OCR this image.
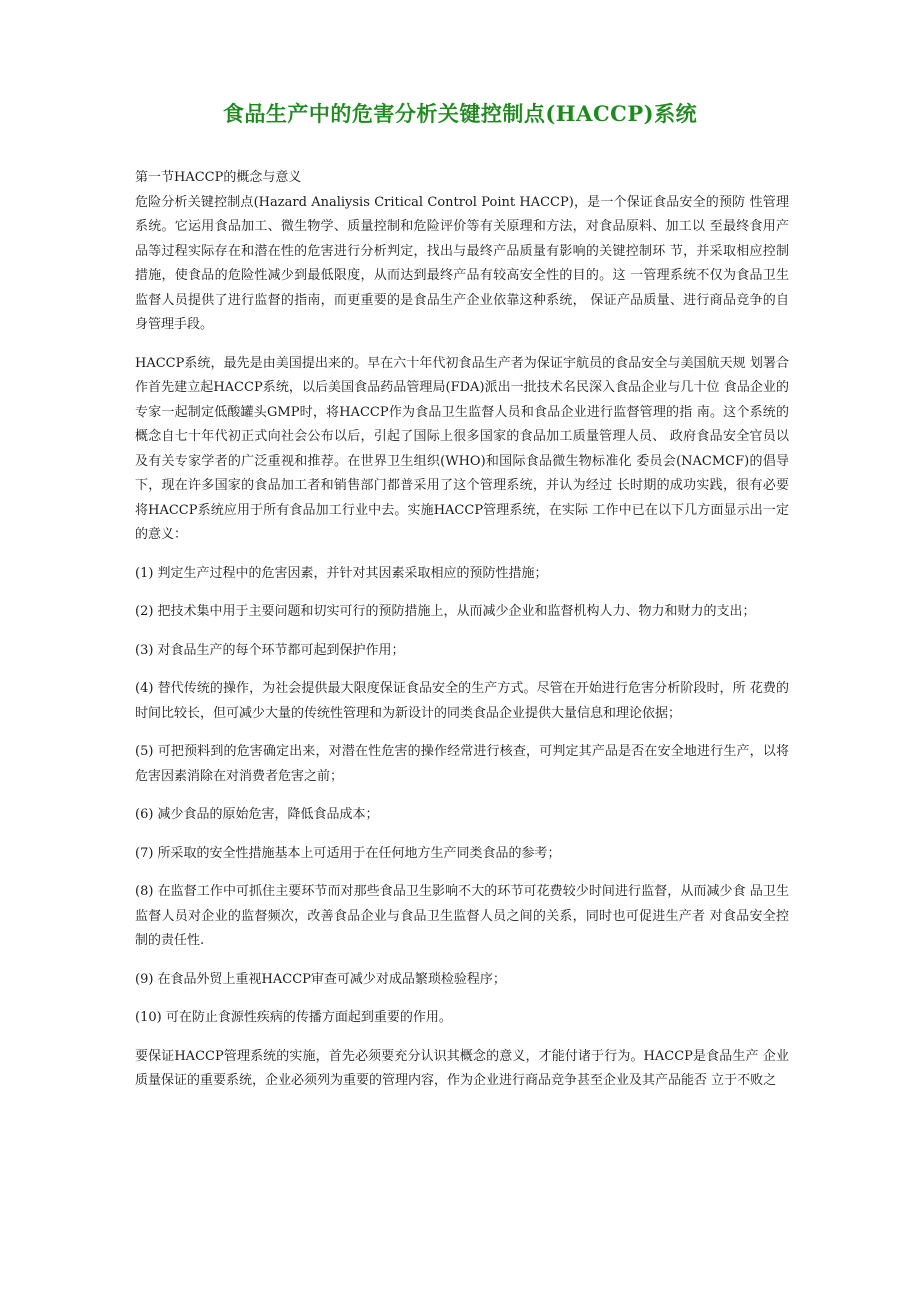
食品生产中的危害分析关键控制点(HACCP)系统

第一节HACCP的概念与意义

危险分析关键控制点(Hazard Analiysis Critical Control Point HACCP)，是一个保证食品安全的预防 性管理系统。它运用食品加工、微生物学、质量控制和危险评价等有关原理和方法，对食品原料、加工以 至最终食用产品等过程实际存在和潜在性的危害进行分析判定，找出与最终产品质量有影响的关键控制环 节，并采取相应控制措施，使食品的危险性减少到最低限度，从而达到最终产品有较高安全性的目的。这 一管理系统不仅为食品卫生监督人员提供了进行监督的指南，而更重要的是食品生产企业依靠这种系统， 保证产品质量、进行商品竞争的自身管理手段。

HACCP系统，最先是由美国提出来的。早在六十年代初食品生产者为保证宇航员的食品安全与美国航天规 划署合作首先建立起HACCP系统，以后美国食品药品管理局(FDA)派出一批技术名民深入食品企业与几十位 食品企业的专家一起制定低酸罐头GMP时，将HACCP作为食品卫生监督人员和食品企业进行监督管理的指 南。这个系统的概念自七十年代初正式向社会公布以后，引起了国际上很多国家的食品加工质量管理人员、 政府食品安全官员以及有关专家学者的广泛重视和推荐。在世界卫生组织(WHO)和国际食品微生物标准化 委员会(NACMCF)的倡导下，现在许多国家的食品加工者和销售部门都普采用了这个管理系统，并认为经过 长时期的成功实践，很有必要将HACCP系统应用于所有食品加工行业中去。实施HACCP管理系统，在实际 工作中已在以下几方面显示出一定的意义：

(1) 判定生产过程中的危害因素，并针对其因素采取相应的预防性措施；

(2) 把技术集中用于主要问题和切实可行的预防措施上，从而减少企业和监督机构人力、物力和财力的支出；

(3) 对食品生产的每个环节都可起到保护作用；

(4) 替代传统的操作，为社会提供最大限度保证食品安全的生产方式。尽管在开始进行危害分析阶段时，所 花费的时间比较长，但可减少大量的传统性管理和为新设计的同类食品企业提供大量信息和理论依据；

(5) 可把预料到的危害确定出来，对潜在性危害的操作经常进行核查，可判定其产品是否在安全地进行生产，以将危害因素消除在对消费者危害之前；

(6) 减少食品的原始危害，降低食品成本；

(7) 所采取的安全性措施基本上可适用于在任何地方生产同类食品的参考；

(8) 在监督工作中可抓住主要环节而对那些食品卫生影响不大的环节可花费较少时间进行监督，从而减少食 品卫生监督人员对企业的监督频次，改善食品企业与食品卫生监督人员之间的关系，同时也可促进生产者 对食品安全控制的责任性.

(9) 在食品外贸上重视HACCP审查可减少对成品繁琐检验程序；

(10) 可在防止食源性疾病的传播方面起到重要的作用。

要保证HACCP管理系统的实施，首先必须要充分认识其概念的意义，才能付诸于行为。HACCP是食品生产 企业质量保证的重要系统，企业必须列为重要的管理内容，作为企业进行商品竞争甚至企业及其产品能否 立于不败之
